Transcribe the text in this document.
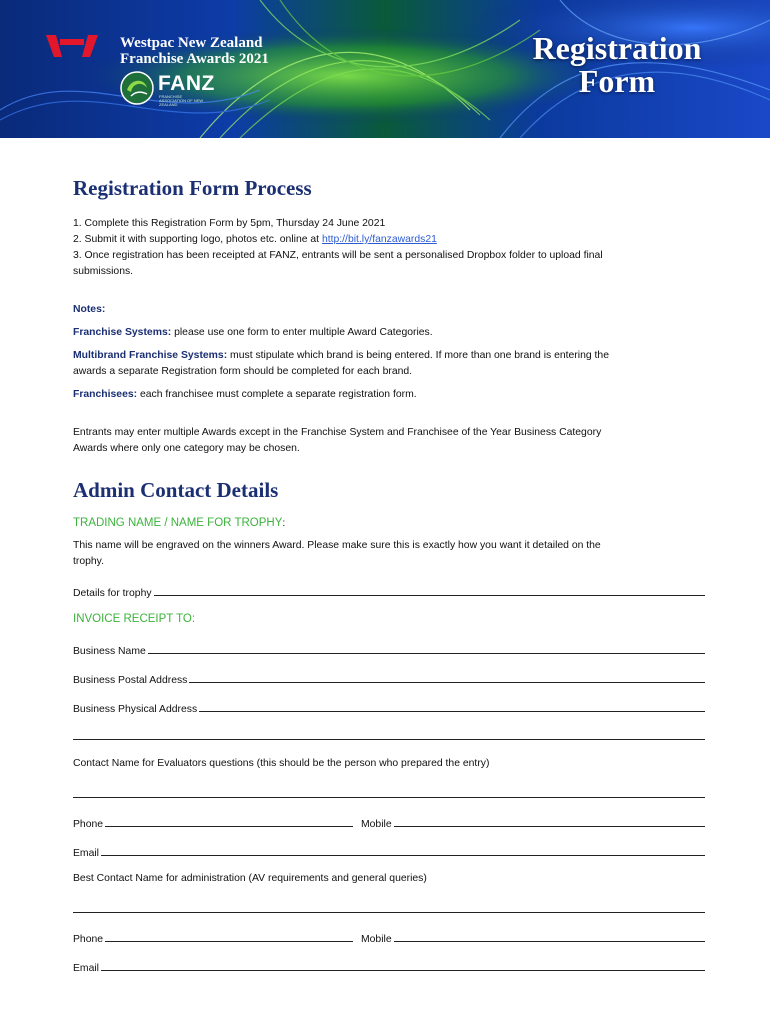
Westpac New Zealand
Franchise Awards 2021
FANZ
FRANCHISE ASSOCIATION OF NEW ZEALAND
Registration
Form
Registration Form Process

1. Complete this Registration Form by 5pm, Thursday 24 June 2021

2. Submit it with supporting logo, photos etc. online at http://bit.ly/fanzawards21

3. Once registration has been receipted at FANZ, entrants will be sent a personalised Dropbox folder to upload final

submissions.

Notes:

Franchise Systems: please use one form to enter multiple Award Categories.

Multibrand Franchise Systems: must stipulate which brand is being entered. If more than one brand is entering the

awards a separate Registration form should be completed for each brand.

Franchisees: each franchisee must complete a separate registration form.

Entrants may enter multiple Awards except in the Franchise System and Franchisee of the Year Business Category

Awards where only one category may be chosen.

Admin Contact Details

TRADING NAME / NAME FOR TROPHY:

This name will be engraved on the winners Award. Please make sure this is exactly how you want it detailed on the

trophy.

Details for trophy

INVOICE RECEIPT TO:

Business Name
Business Postal Address
Business Physical Address

Contact Name for Evaluators questions (this should be the person who prepared the entry)

Phone	Mobile
Email

Best Contact Name for administration (AV requirements and general queries)

Phone	Mobile
Email
